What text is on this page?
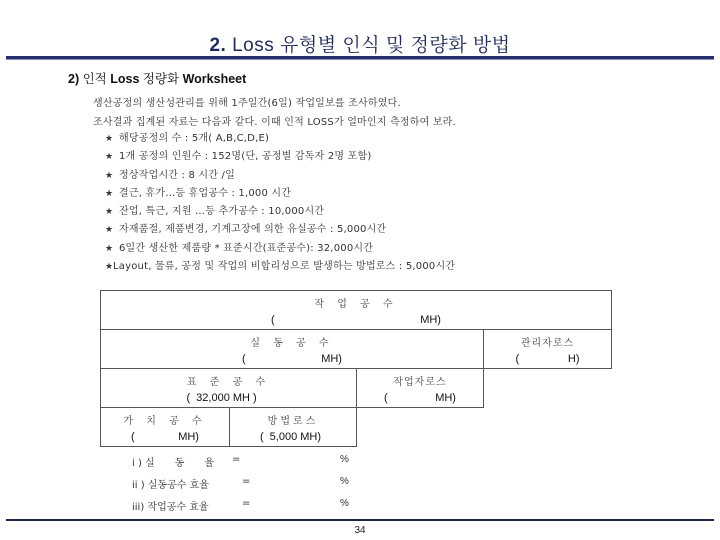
2. Loss 유형별 인식 및 정량화 방법
2) 인적 Loss 정량화 Worksheet
생산공정의 생산성관리를 위해 1주일간(6일) 작업일보를 조사하였다.
조사결과 집계된 자료는 다음과 같다. 이때 인적 LOSS가 얼마인지 측정하여 보라.
★ 해당공정의 수 : 5개( A,B,C,D,E)
★ 1개 공정의 인원수 : 152명(단, 공정별 감독자 2명 포함)
★ 정상작업시간 : 8 시간 /일
★ 결근, 휴가…등 휴업공수 : 1,000 시간
★ 잔업, 특근, 지원 …등 추가공수 : 10,000시간
★ 자재품절, 제품변경, 기계고장에 의한 유실공수 : 5,000시간
★ 6일간 생산한 제품량 * 표준시간(표준공수): 32,000시간
★Layout, 물류, 공정 및 작업의 비합리성으로 발생하는 방법로스 : 5,000시간
작 업 공 수
(	MH)
실 동 공 수
(	MH)
관리자로스
(	H)
표 준 공 수
( 32,000 MH )
작업자로스
(	MH)
가 치 공 수
(	MH)
방법로스
( 5,000 MH)
i ) 실　　동　　율 =	%
ii ) 실동공수 효율	=	%
iii) 작업공수 효율	=	%
34
